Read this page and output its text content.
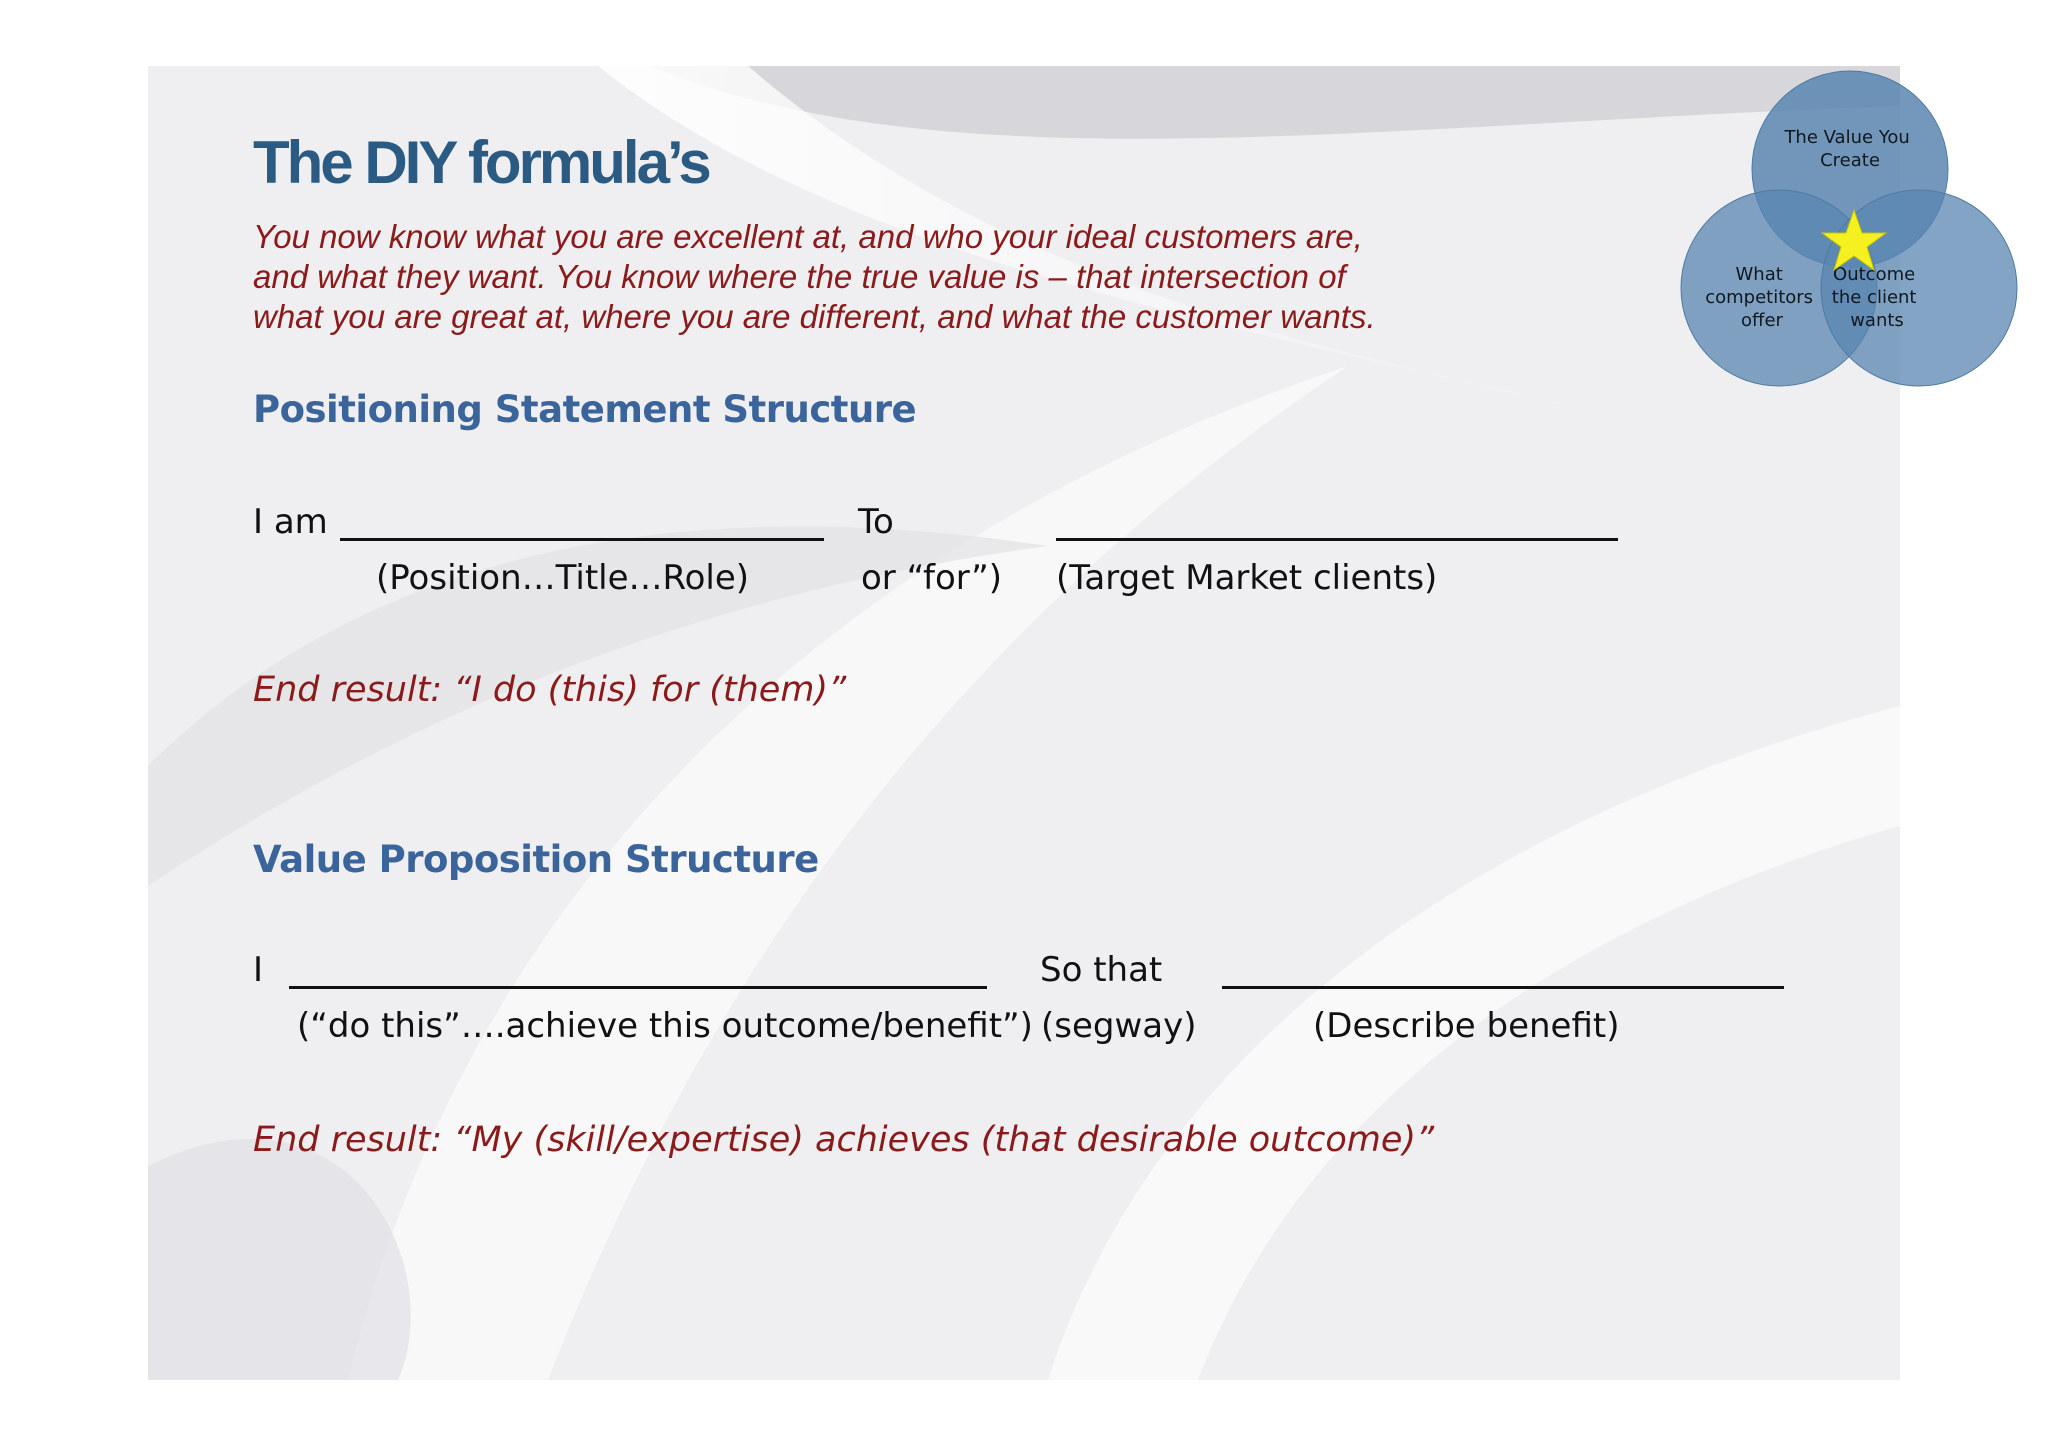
The DIY formula’s
You now know what you are excellent at, and who your ideal customers are,
and what they want. You know where the true value is – that intersection of
what you are great at, where you are different, and what the customer wants.
The Value You Create
What competitors offer
Outcome the client wants
Positioning Statement Structure
I am	To
(Position…Title…Role)	or “for”) (Target Market clients)
End result: “I do (this) for (them)”
Value Proposition Structure
I	So that
(“do this”….achieve this outcome/benefit”) (segway)	(Describe benefit)
End result: “My (skill/expertise) achieves (that desirable outcome)”
